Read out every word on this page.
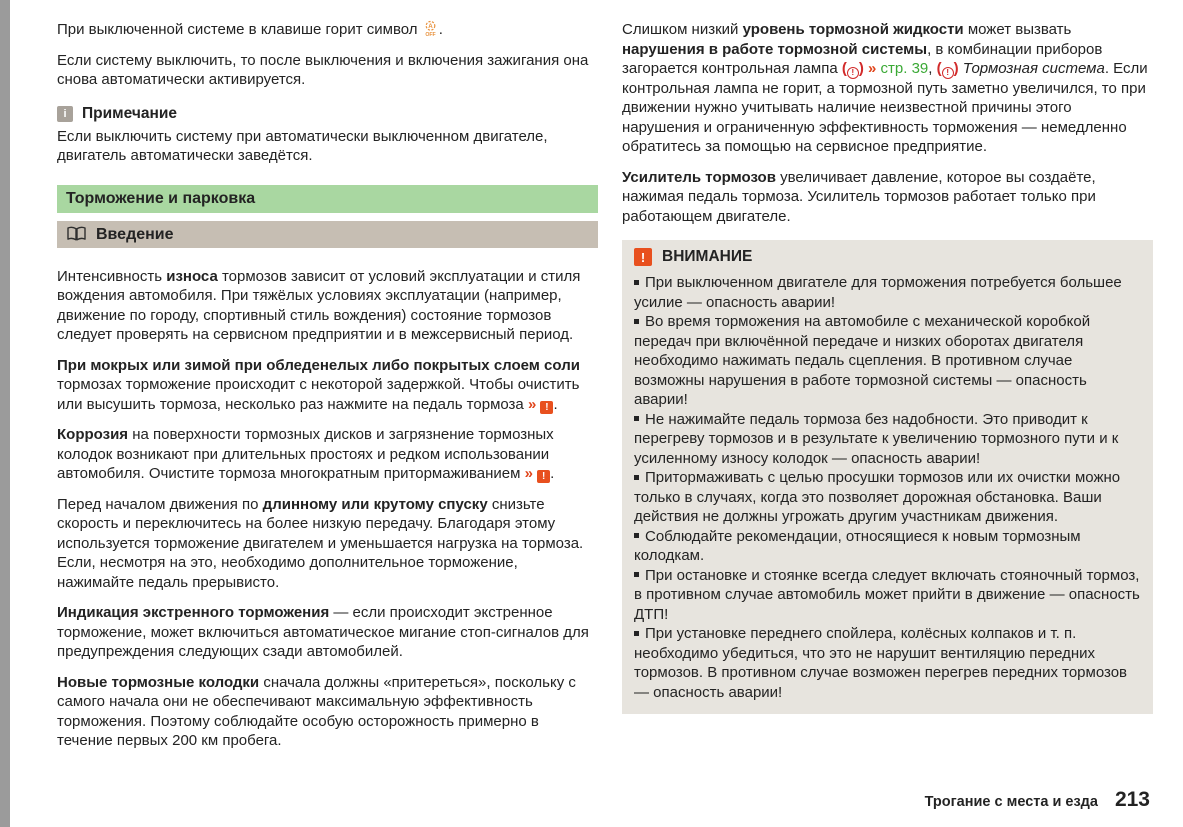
При выключенной системе в клавише горит символ A
OFF .

Если систему выключить, то после выключения и включения зажигания она снова автоматически активируется.

i Примечание

Если выключить систему при автоматически выключенном двигателе, двигатель автоматически заведётся.

Торможение и парковка
Введение

Интенсивность износа тормозов зависит от условий эксплуатации и стиля вождения автомобиля. При тяжёлых условиях эксплуатации (например, движение по городу, спортивный стиль вождения) состояние тормозов следует проверять на сервисном предприятии и в межсервисный период.

При мокрых или зимой при обледенелых либо покрытых слоем соли тормозах торможение происходит с некоторой задержкой. Чтобы очистить или высушить тормоза, несколько раз нажмите на педаль тормоза » ! .

Коррозия на поверхности тормозных дисков и загрязнение тормозных колодок возникают при длительных простоях и редком использовании автомобиля. Очистите тормоза многократным притормаживанием » ! .

Перед началом движения по длинному или крутому спуску снизьте скорость и переключитесь на более низкую передачу. Благодаря этому используется торможение двигателем и уменьшается нагрузка на тормоза. Если, несмотря на это, необходимо дополнительное торможение, нажимайте педаль прерывисто.

Индикация экстренного торможения — если происходит экстренное торможение, может включиться автоматическое мигание стоп-сигналов для предупреждения следующих сзади автомобилей.

Новые тормозные колодки сначала должны «притереться», поскольку с самого начала они не обеспечивают максимальную эффективность торможения. Поэтому соблюдайте особую осторожность примерно в течение первых 200 км пробега.

Слишком низкий уровень тормозной жидкости может вызвать нарушения в работе тормозной системы, в комбинации приборов загорается контрольная лампа ( ! ) » стр. 39, ( ! ) Тормозная система. Если контрольная лампа не горит, а тормозной путь заметно увеличился, то при движении нужно учитывать наличие неизвестной причины этого нарушения и ограниченную эффективность торможения — немедленно обратитесь за помощью на сервисное предприятие.

Усилитель тормозов увеличивает давление, которое вы создаёте, нажимая педаль тормоза. Усилитель тормозов работает только при работающем двигателе.

!	ВНИМАНИЕ
При выключенном двигателе для торможения потребуется большее усилие — опасность аварии!
Во время торможения на автомобиле с механической коробкой передач при включённой передаче и низких оборотах двигателя необходимо нажимать педаль сцепления. В противном случае возможны нарушения в работе тормозной системы — опасность аварии!
Не нажимайте педаль тормоза без надобности. Это приводит к перегреву тормозов и в результате к увеличению тормозного пути и к усиленному износу колодок — опасность аварии!
Притормаживать с целью просушки тормозов или их очистки можно только в случаях, когда это позволяет дорожная обстановка. Ваши действия не должны угрожать другим участникам движения.
Соблюдайте рекомендации, относящиеся к новым тормозным колодкам.
При остановке и стоянке всегда следует включать стояночный тормоз, в противном случае автомобиль может прийти в движение — опасность ДТП!
При установке переднего спойлера, колёсных колпаков и т. п. необходимо убедиться, что это не нарушит вентиляцию передних тормозов. В противном случае возможен перегрев передних тормозов — опасность аварии!
Трогание с места и езда 213
